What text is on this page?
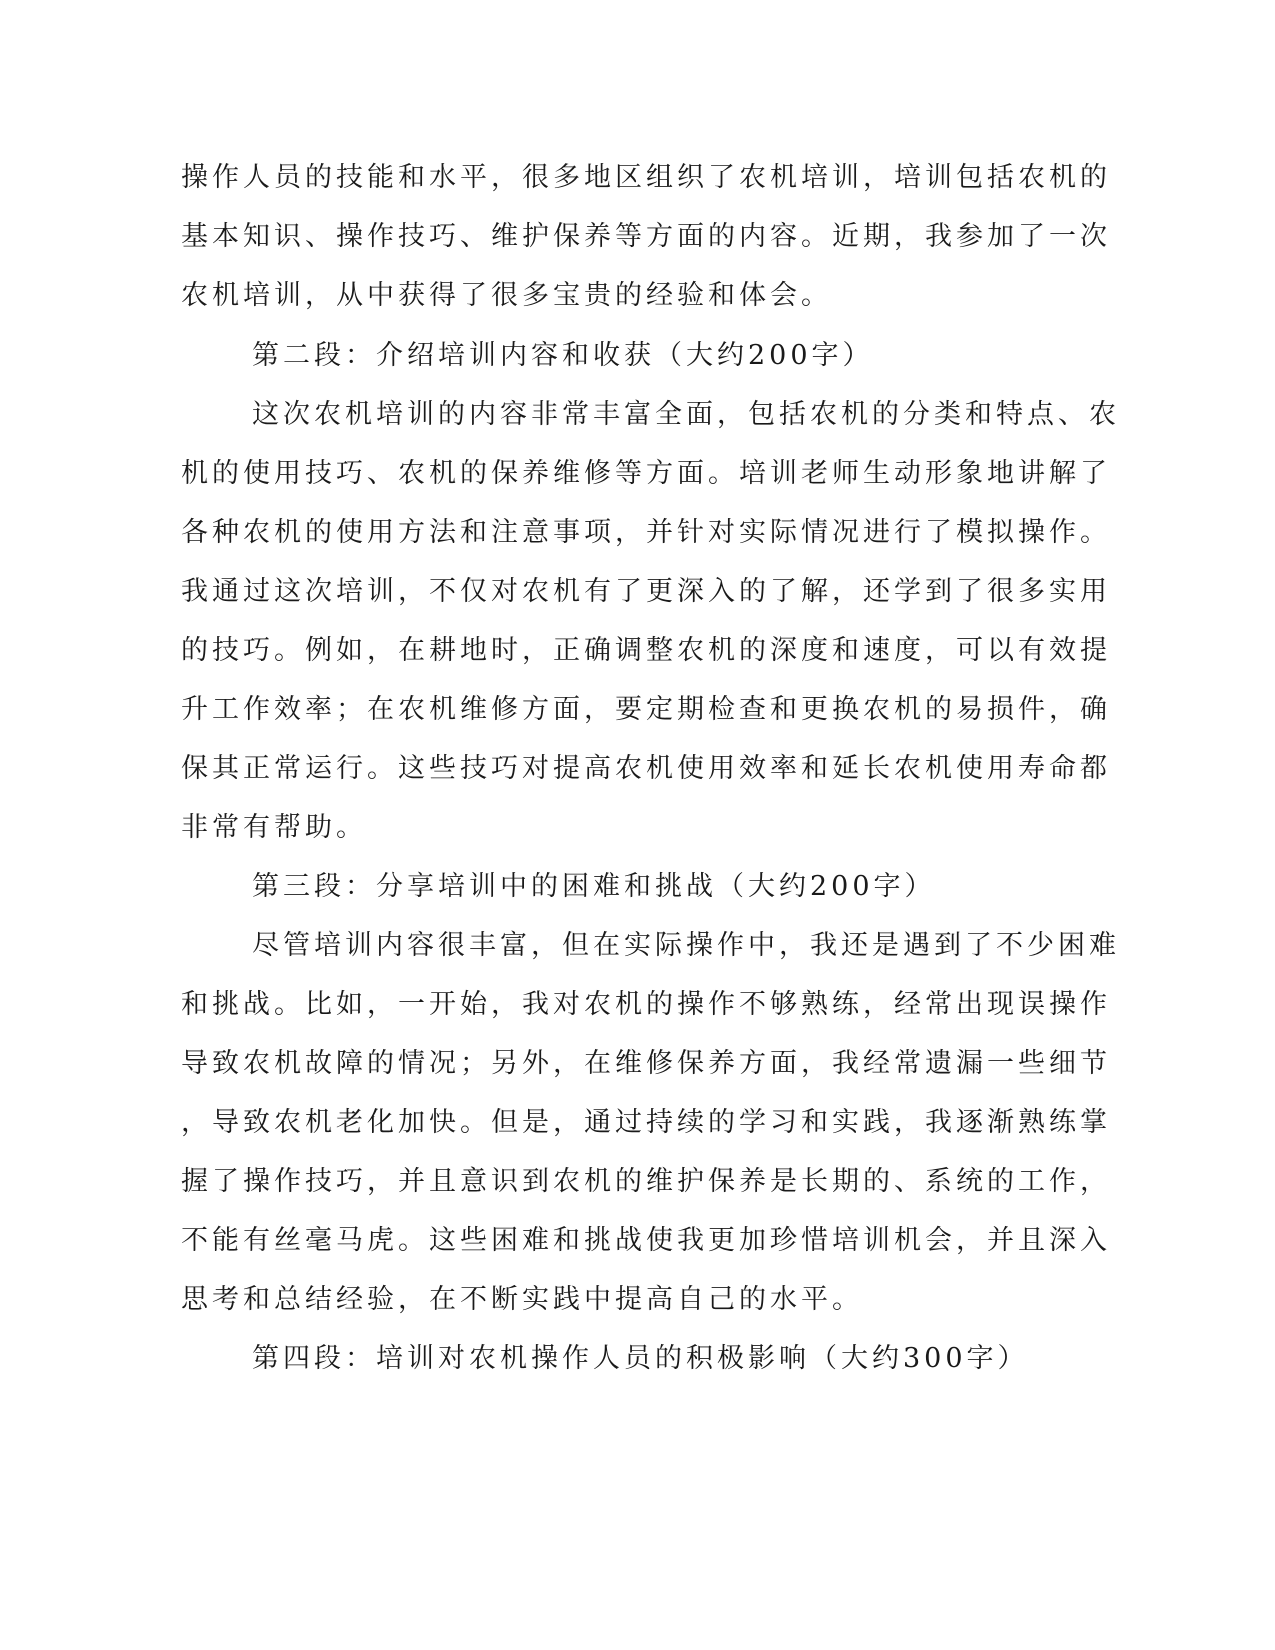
操作人员的技能和水平，很多地区组织了农机培训，培训包括农机的
基本知识、操作技巧、维护保养等方面的内容。近期，我参加了一次
农机培训，从中获得了很多宝贵的经验和体会。
第二段：介绍培训内容和收获（大约200字）
这次农机培训的内容非常丰富全面，包括农机的分类和特点、农
机的使用技巧、农机的保养维修等方面。培训老师生动形象地讲解了
各种农机的使用方法和注意事项，并针对实际情况进行了模拟操作。
我通过这次培训，不仅对农机有了更深入的了解，还学到了很多实用
的技巧。例如，在耕地时，正确调整农机的深度和速度，可以有效提
升工作效率；在农机维修方面，要定期检查和更换农机的易损件，确
保其正常运行。这些技巧对提高农机使用效率和延长农机使用寿命都
非常有帮助。
第三段：分享培训中的困难和挑战（大约200字）
尽管培训内容很丰富，但在实际操作中，我还是遇到了不少困难
和挑战。比如，一开始，我对农机的操作不够熟练，经常出现误操作
导致农机故障的情况；另外，在维修保养方面，我经常遗漏一些细节
，导致农机老化加快。但是，通过持续的学习和实践，我逐渐熟练掌
握了操作技巧，并且意识到农机的维护保养是长期的、系统的工作，
不能有丝毫马虎。这些困难和挑战使我更加珍惜培训机会，并且深入
思考和总结经验，在不断实践中提高自己的水平。
第四段：培训对农机操作人员的积极影响（大约300字）
